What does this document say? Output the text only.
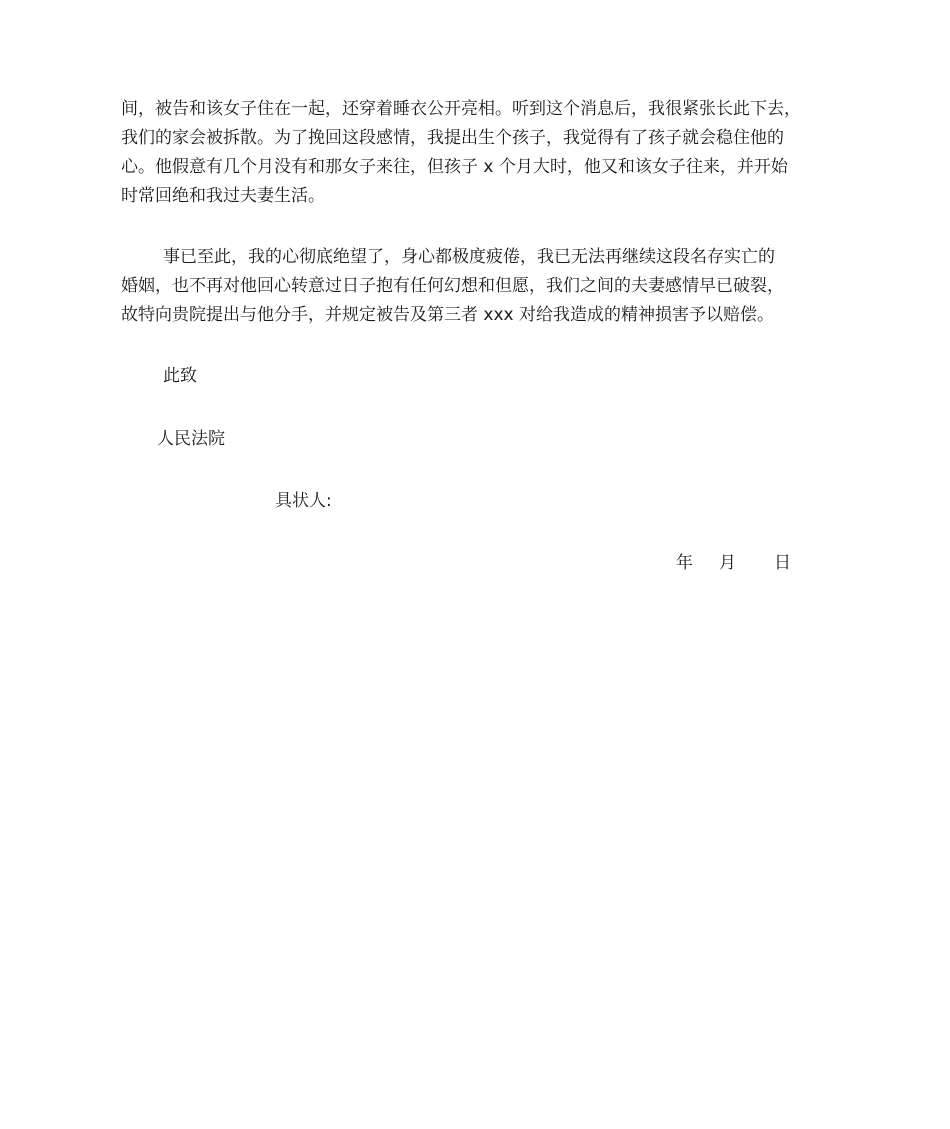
间，被告和该女子住在一起，还穿着睡衣公开亮相。听到这个消息后，我很紧张长此下去，
我们的家会被拆散。为了挽回这段感情，我提出生个孩子，我觉得有了孩子就会稳住他的
心。他假意有几个月没有和那女子来往，但孩子 x 个月大时，他又和该女子往来，并开始
时常回绝和我过夫妻生活。
事已至此，我的心彻底绝望了，身心都极度疲倦，我已无法再继续这段名存实亡的
婚姻，也不再对他回心转意过日子抱有任何幻想和但愿，我们之间的夫妻感情早已破裂，
故特向贵院提出与他分手，并规定被告及第三者 xxx 对给我造成的精神损害予以赔偿。

此致

人民法院

具状人:

年 月 日
